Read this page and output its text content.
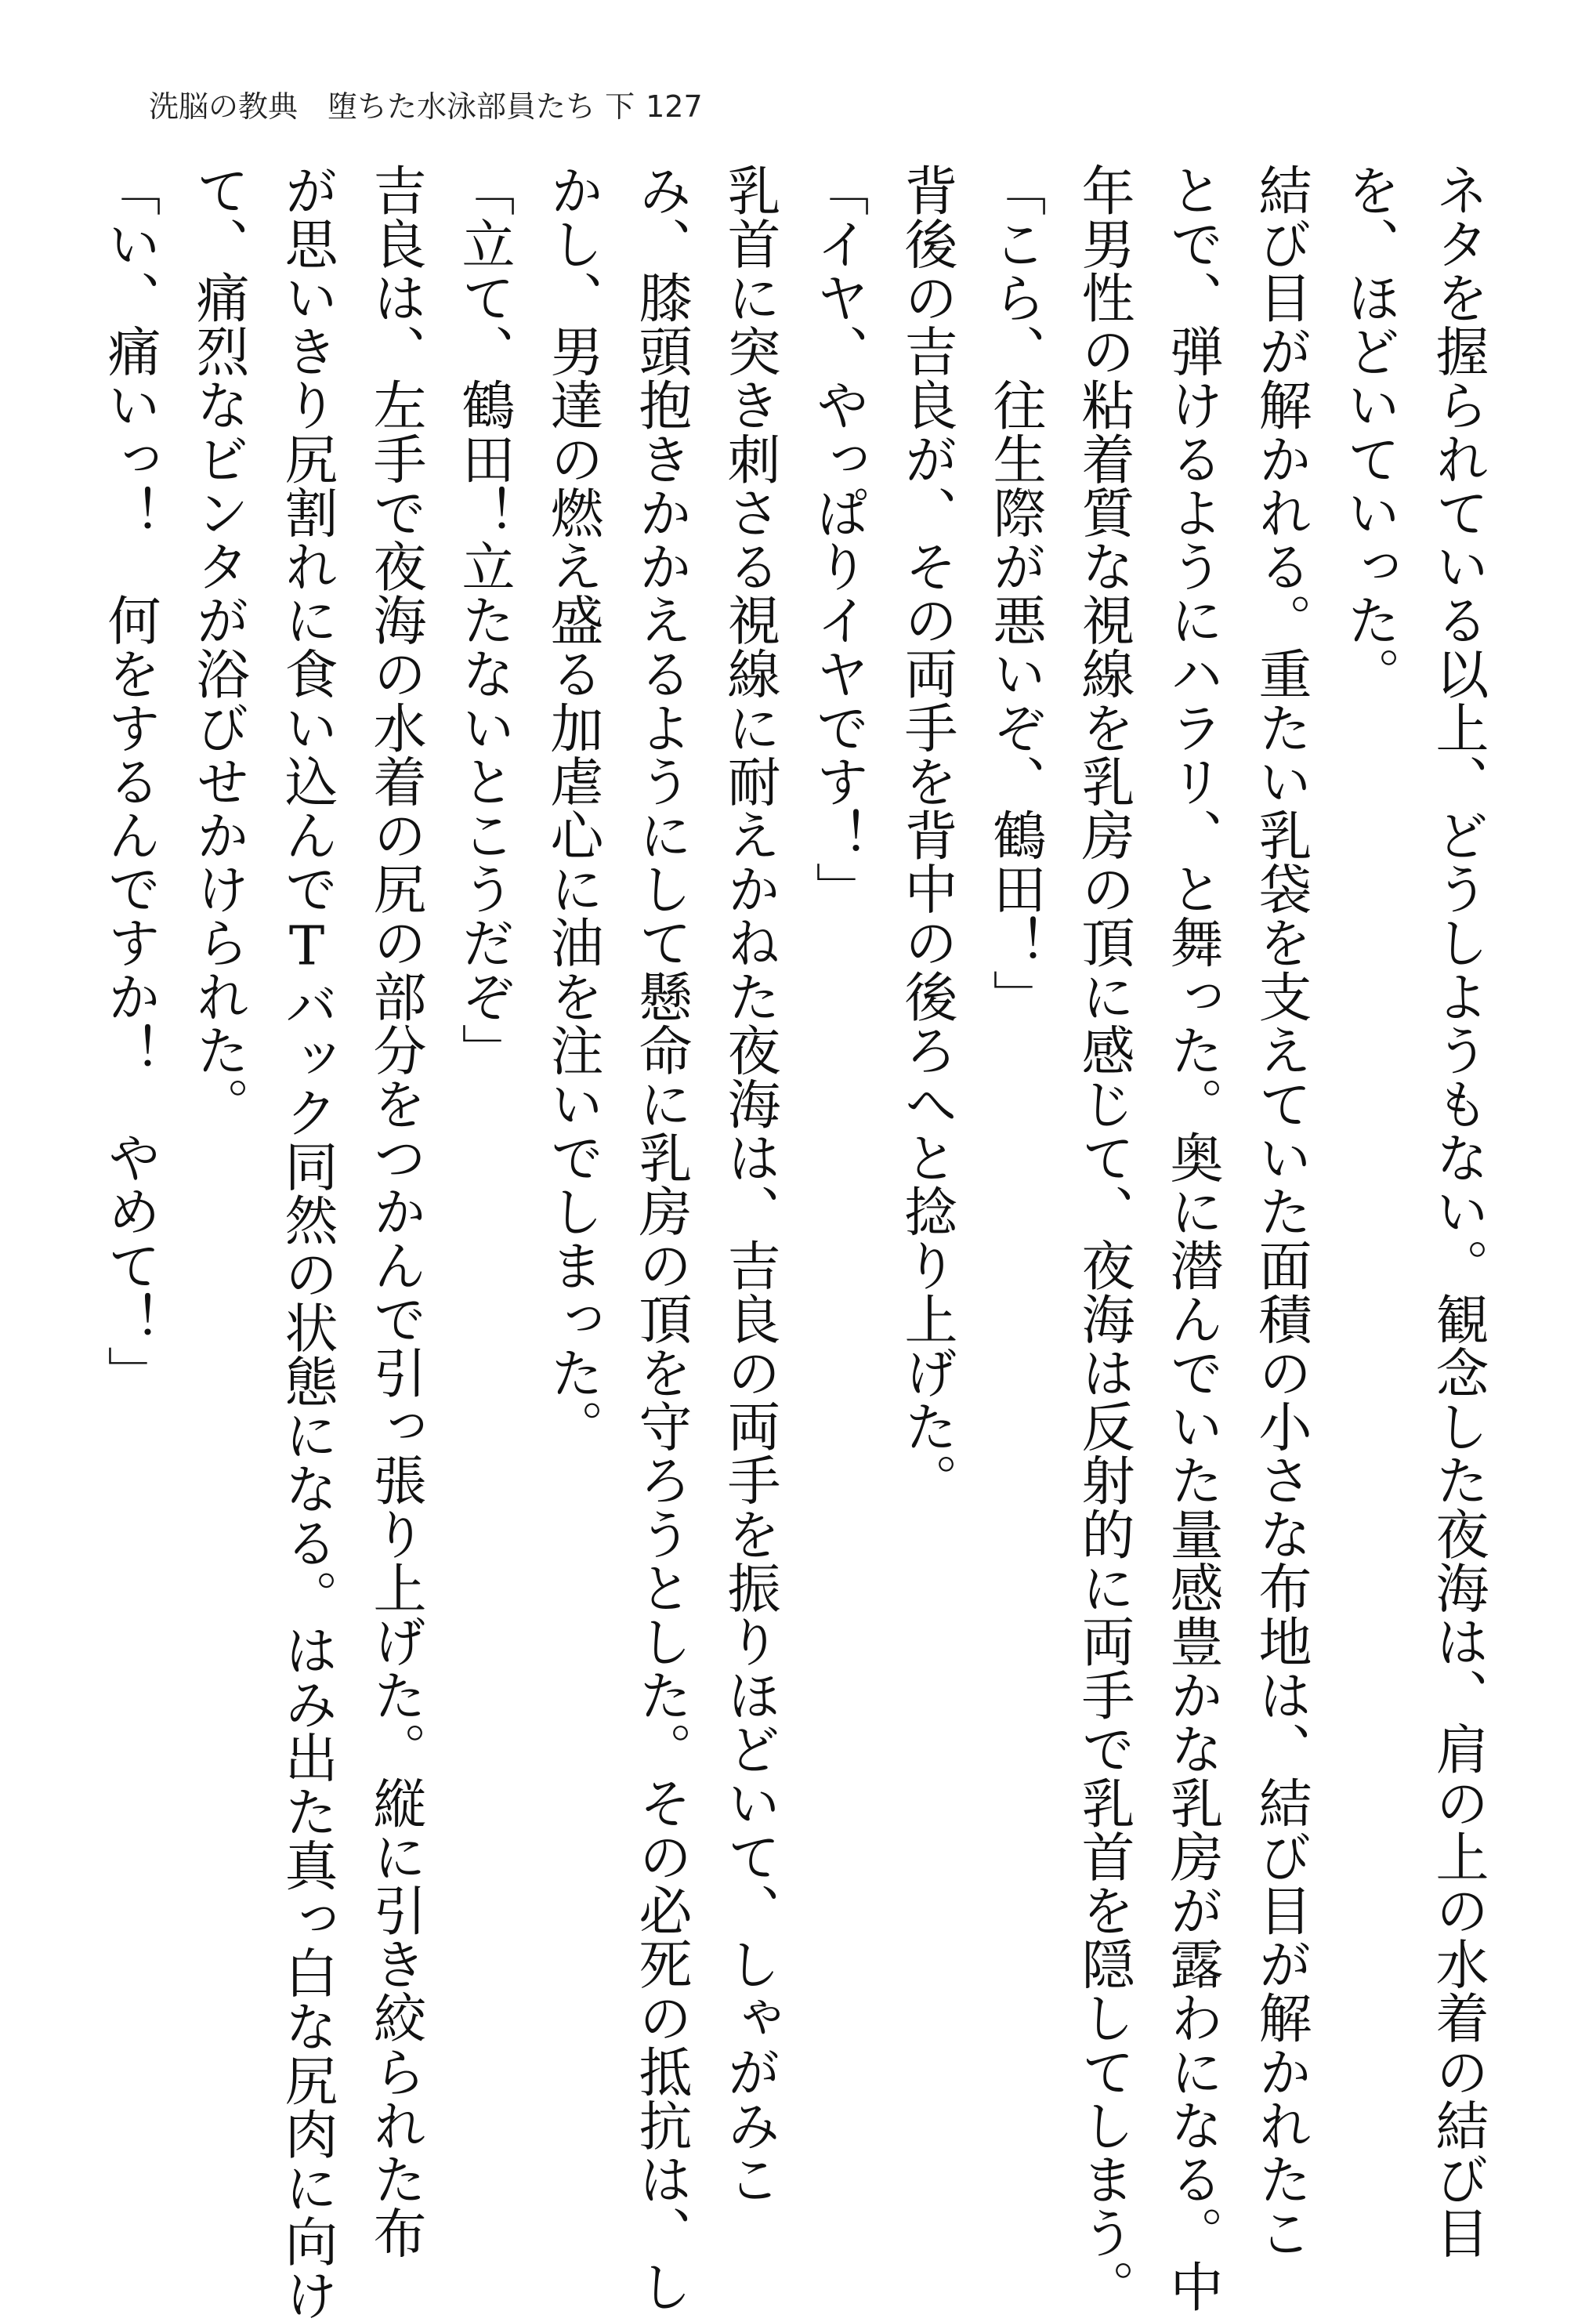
洗脳の教典　堕ちた水泳部員たち 下 127
ネタを握られている以上、どうしようもない。観念した夜海は、肩の上の水着の結び目
を、ほどいていった。
結び目が解かれる。重たい乳袋を支えていた面積の小さな布地は、結び目が解かれたこ
とで、弾けるようにハラリ、と舞った。奥に潜んでいた量感豊かな乳房が露わになる。中
年男性の粘着質な視線を乳房の頂に感じて、夜海は反射的に両手で乳首を隠してしまう。
「こら、往生際が悪いぞ、鶴田！」
背後の吉良が、その両手を背中の後ろへと捻り上げた。
「イヤ、やっぱりイヤです！」
乳首に突き刺さる視線に耐えかねた夜海は、吉良の両手を振りほどいて、しゃがみこ
み、膝頭抱きかかえるようにして懸命に乳房の頂を守ろうとした。その必死の抵抗は、し
かし、男達の燃え盛る加虐心に油を注いでしまった。
「立て、鶴田！立たないとこうだぞ」
吉良は、左手で夜海の水着の尻の部分をつかんで引っ張り上げた。縦に引き絞られた布
が思いきり尻割れに食い込んでTバック同然の状態になる。はみ出た真っ白な尻肉に向け
て、痛烈なビンタが浴びせかけられた。
「い、痛いっ！　何をするんですか！　やめて！」
